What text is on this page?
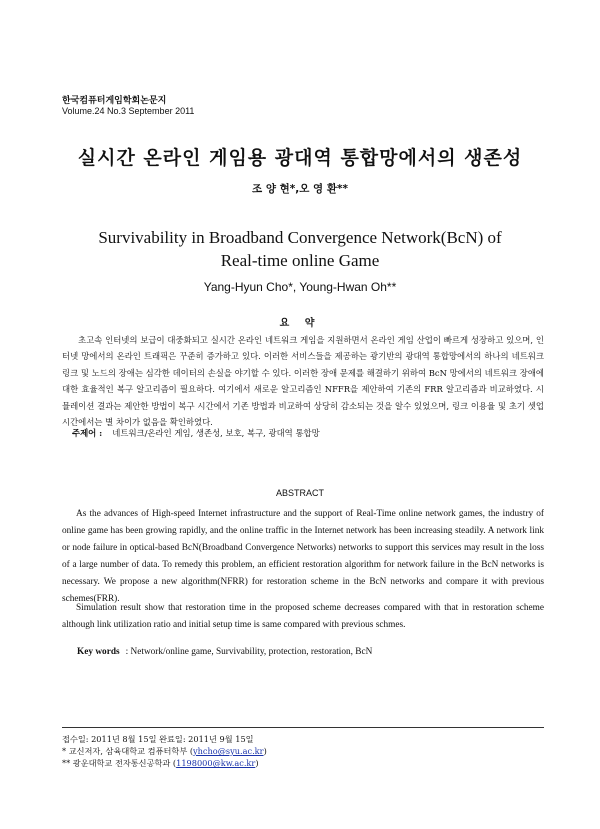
한국컴퓨터게임학회논문지
Volume.24 No.3 September 2011
실시간 온라인 게임용 광대역 통합망에서의 생존성
조 양 현*,오 영 환**
Survivability in Broadband Convergence Network(BcN) of
Real-time online Game
Yang-Hyun Cho*, Young-Hwan Oh**
요 약

초고속 인터넷의 보급이 대중화되고 실시간 온라인 네트워크 게임을 지원하면서 온라인 게임 산업이 빠르게 성장하고 있으며, 인터넷 망에서의 온라인 트래픽은 꾸준히 증가하고 있다. 이러한 서비스들을 제공하는 광기반의 광대역 통합망에서의 하나의 네트워크 링크 및 노드의 장애는 심각한 데이터의 손실을 야기할 수 있다. 이러한 장애 문제를 해결하기 위하여 BcN 망에서의 네트워크 장애에 대한 효율적인 복구 알고리즘이 필요하다. 여기에서 새로운 알고리즘인 NFFR을 제안하여 기존의 FRR 알고리즘과 비교하였다. 시뮬레이션 결과는 제안한 방법이 복구 시간에서 기존 방법과 비교하여 상당히 감소되는 것을 알수 있었으며, 링크 이용율 및 초기 셋업 시간에서는 별 차이가 없음을 확인하였다.

주제어 : 네트워크/온라인 게임, 생존성, 보호, 복구, 광대역 통합망
ABSTRACT

As the advances of High-speed Internet infrastructure and the support of Real-Time online network games, the industry of online game has been growing rapidly, and the online traffic in the Internet network has been increasing steadily. A network link or node failure in optical-based BcN(Broadband Convergence Networks) networks to support this services may result in the loss of a large number of data. To remedy this problem, an efficient restoration algorithm for network failure in the BcN networks is necessary. We propose a new algorithm(NFRR) for restoration scheme in the BcN networks and compare it with previous schemes(FRR).

Simulation result show that restoration time in the proposed scheme decreases compared with that in restoration scheme although link utilization ratio and initial setup time is same compared with previous schmes.

Key words : Network/online game, Survivability, protection, restoration, BcN
접수일: 2011년 8월 15일 완료일: 2011년 9월 15일
* 교신저자, 삼육대학교 컴퓨터학부 (yhcho@syu.ac.kr)
** 광운대학교 전자통신공학과 (1198000@kw.ac.kr)
